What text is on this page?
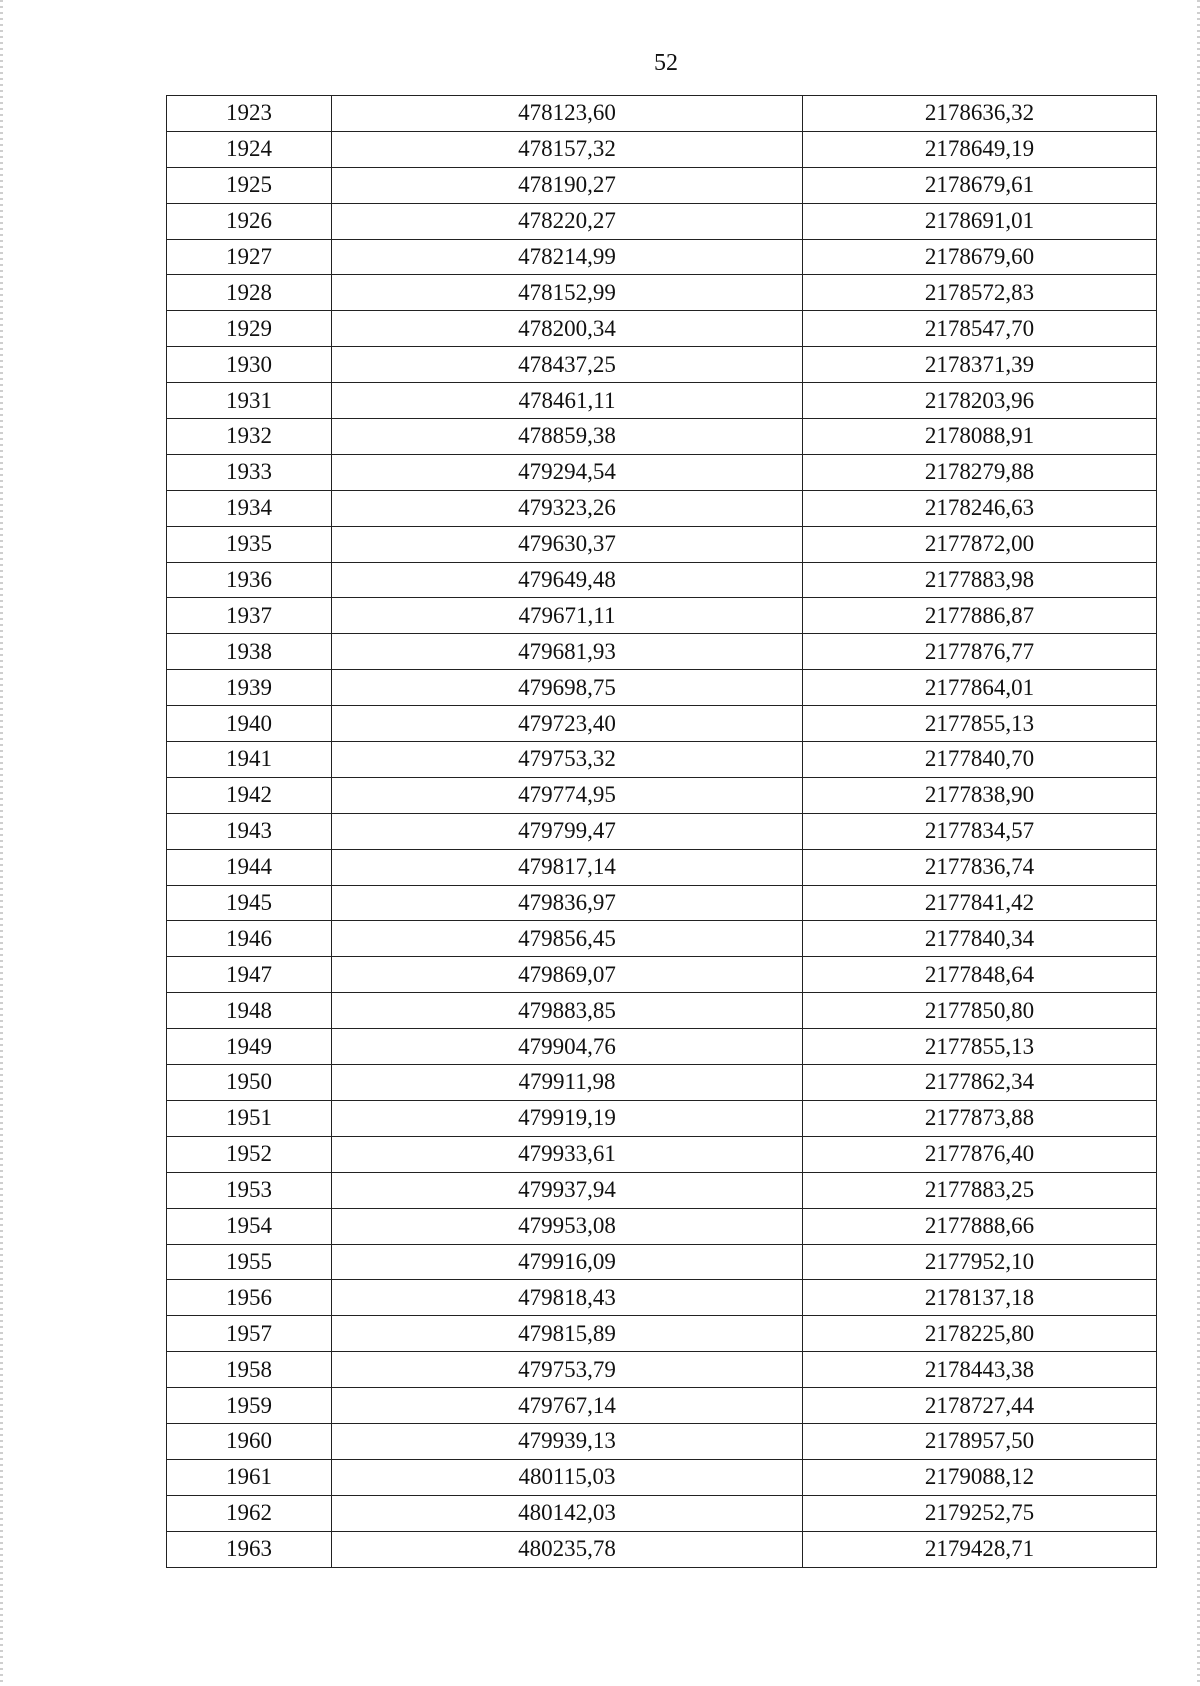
52
1923	478123,60	2178636,32
1924	478157,32	2178649,19
1925	478190,27	2178679,61
1926	478220,27	2178691,01
1927	478214,99	2178679,60
1928	478152,99	2178572,83
1929	478200,34	2178547,70
1930	478437,25	2178371,39
1931	478461,11	2178203,96
1932	478859,38	2178088,91
1933	479294,54	2178279,88
1934	479323,26	2178246,63
1935	479630,37	2177872,00
1936	479649,48	2177883,98
1937	479671,11	2177886,87
1938	479681,93	2177876,77
1939	479698,75	2177864,01
1940	479723,40	2177855,13
1941	479753,32	2177840,70
1942	479774,95	2177838,90
1943	479799,47	2177834,57
1944	479817,14	2177836,74
1945	479836,97	2177841,42
1946	479856,45	2177840,34
1947	479869,07	2177848,64
1948	479883,85	2177850,80
1949	479904,76	2177855,13
1950	479911,98	2177862,34
1951	479919,19	2177873,88
1952	479933,61	2177876,40
1953	479937,94	2177883,25
1954	479953,08	2177888,66
1955	479916,09	2177952,10
1956	479818,43	2178137,18
1957	479815,89	2178225,80
1958	479753,79	2178443,38
1959	479767,14	2178727,44
1960	479939,13	2178957,50
1961	480115,03	2179088,12
1962	480142,03	2179252,75
1963	480235,78	2179428,71
